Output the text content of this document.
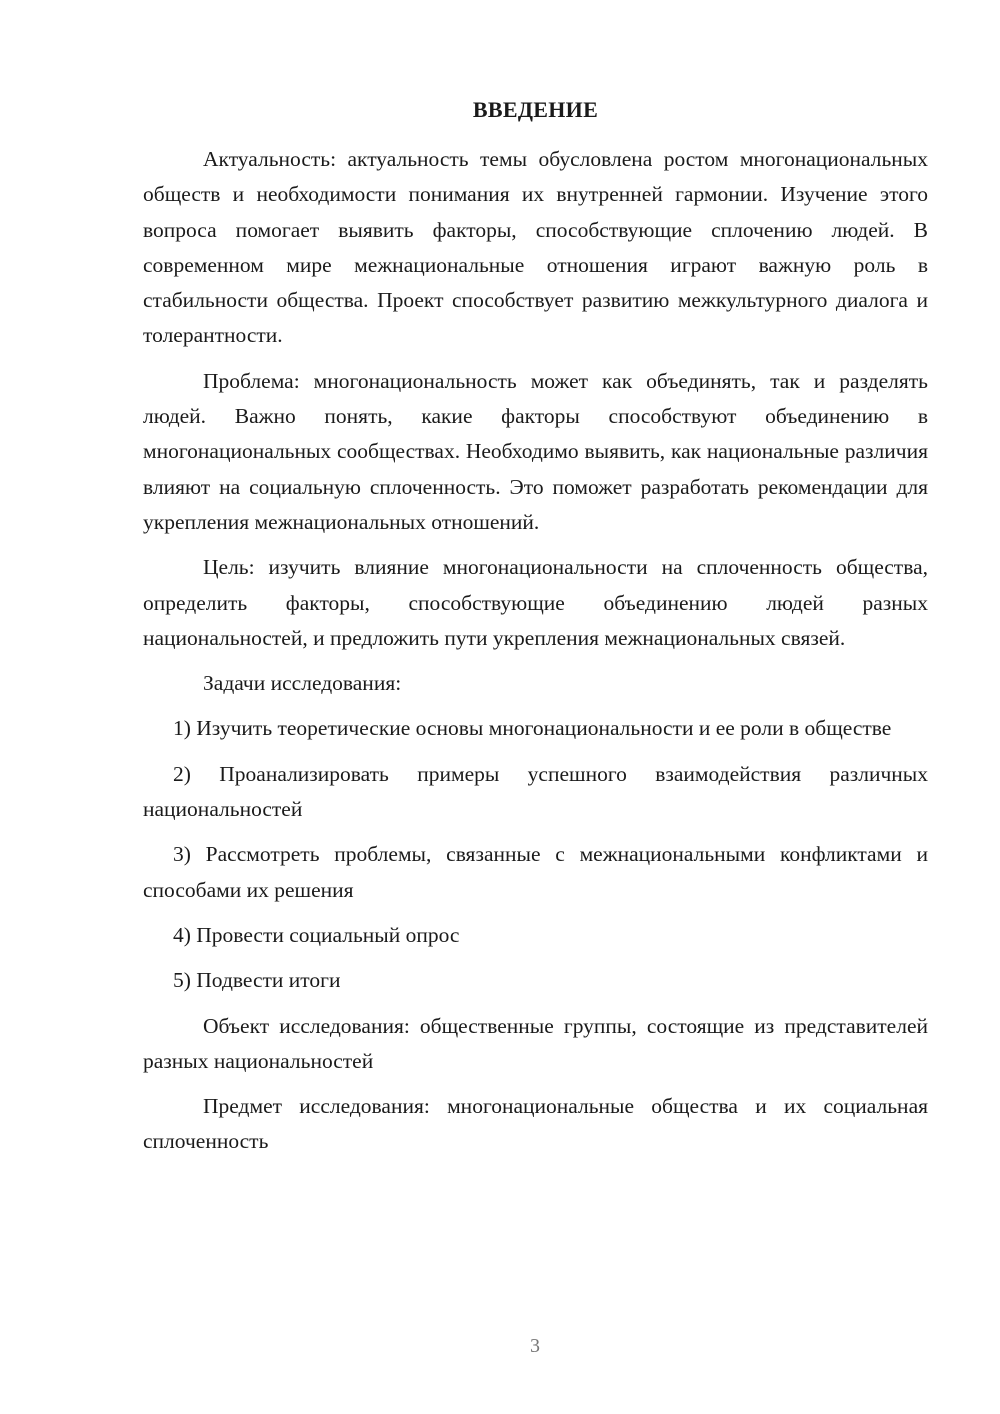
ВВЕДЕНИЕ

Актуальность: актуальность темы обусловлена ростом многонациональных обществ и необходимости понимания их внутренней гармонии. Изучение этого вопроса помогает выявить факторы, способствующие сплочению людей. В современном мире межнациональные отношения играют важную роль в стабильности общества. Проект способствует развитию межкультурного диалога и толерантности.

Проблема: многонациональность может как объединять, так и разделять людей. Важно понять, какие факторы способствуют объединению в многонациональных сообществах. Необходимо выявить, как национальные различия влияют на социальную сплоченность. Это поможет разработать рекомендации для укрепления межнациональных отношений.

Цель: изучить влияние многонациональности на сплоченность общества, определить факторы, способствующие объединению людей разных национальностей, и предложить пути укрепления межнациональных связей.

Задачи исследования:

1) Изучить теоретические основы многонациональности и ее роли в обществе

2) Проанализировать примеры успешного взаимодействия различных национальностей

3) Рассмотреть проблемы, связанные с межнациональными конфликтами и способами их решения

4) Провести социальный опрос

5) Подвести итоги

Объект исследования: общественные группы, состоящие из представителей разных национальностей

Предмет исследования: многонациональные общества и их социальная сплоченность

3
